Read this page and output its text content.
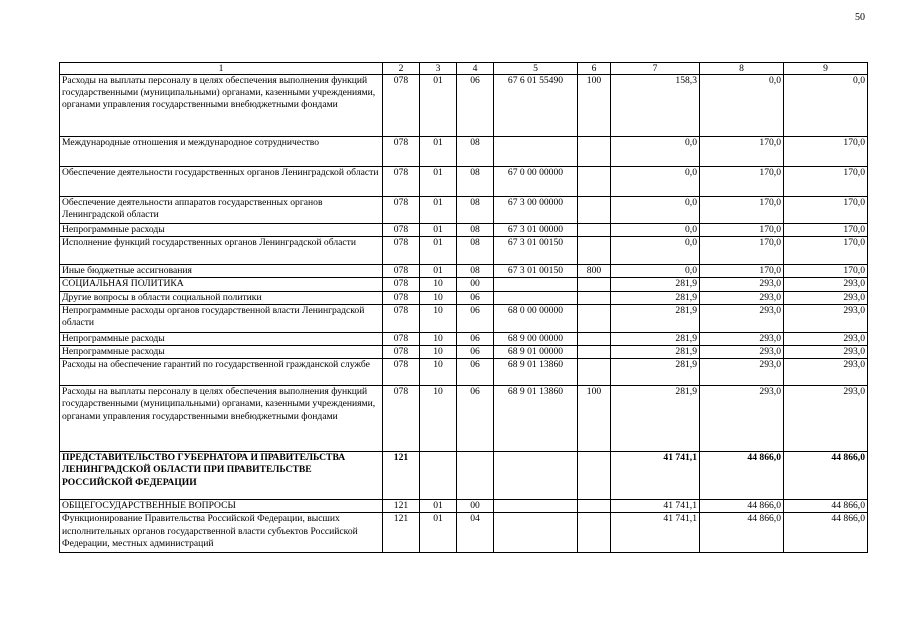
50
1	2	3	4	5	6	7	8	9
Расходы на выплаты персоналу в целях обеспечения выполнения функций государственными (муниципальными) органами, казенными учреждениями, органами управления государственными внебюджетными фондами	078	01	06	67 6 01 55490	100	158,3	0,0	0,0
Международные отношения и международное сотрудничество	078	01	08			0,0	170,0	170,0
Обеспечение деятельности государственных органов Ленинградской области	078	01	08	67 0 00 00000		0,0	170,0	170,0
Обеспечение деятельности аппаратов государственных органов Ленинградской области	078	01	08	67 3 00 00000		0,0	170,0	170,0
Непрограммные расходы	078	01	08	67 3 01 00000		0,0	170,0	170,0
Исполнение функций государственных органов Ленинградской области	078	01	08	67 3 01 00150		0,0	170,0	170,0
Иные бюджетные ассигнования	078	01	08	67 3 01 00150	800	0,0	170,0	170,0
СОЦИАЛЬНАЯ ПОЛИТИКА	078	10	00			281,9	293,0	293,0
Другие вопросы в области социальной политики	078	10	06			281,9	293,0	293,0
Непрограммные расходы органов государственной власти Ленинградской области	078	10	06	68 0 00 00000		281,9	293,0	293,0
Непрограммные расходы	078	10	06	68 9 00 00000		281,9	293,0	293,0
Непрограммные расходы	078	10	06	68 9 01 00000		281,9	293,0	293,0
Расходы на обеспечение гарантий по государственной гражданской службе	078	10	06	68 9 01 13860		281,9	293,0	293,0
Расходы на выплаты персоналу в целях обеспечения выполнения функций государственными (муниципальными) органами, казенными учреждениями, органами управления государственными внебюджетными фондами	078	10	06	68 9 01 13860	100	281,9	293,0	293,0
ПРЕДСТАВИТЕЛЬСТВО ГУБЕРНАТОРА И ПРАВИТЕЛЬСТВА ЛЕНИНГРАДСКОЙ ОБЛАСТИ ПРИ ПРАВИТЕЛЬСТВЕ РОССИЙСКОЙ ФЕДЕРАЦИИ	121					41 741,1	44 866,0	44 866,0
ОБЩЕГОСУДАРСТВЕННЫЕ ВОПРОСЫ	121	01	00			41 741,1	44 866,0	44 866,0
Функционирование Правительства Российской Федерации, высших исполнительных органов государственной власти субъектов Российской Федерации, местных администраций	121	01	04			41 741,1	44 866,0	44 866,0
